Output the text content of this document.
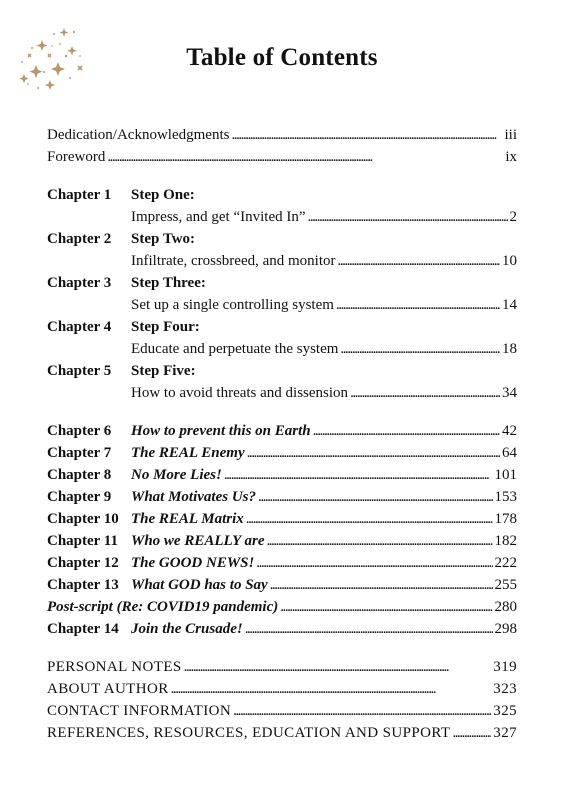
Table of Contents
Dedication/Acknowledgments . . .	iii
Foreword . . .	ix
Chapter 1 Step One:
Impress, and get “Invited In” . . .	2
Chapter 2 Step Two:
Infiltrate, crossbreed, and monitor . . .	10
Chapter 3 Step Three:
Set up a single controlling system . . .	14
Chapter 4 Step Four:
Educate and perpetuate the system . . .	18
Chapter 5 Step Five:
How to avoid threats and dissension . . .	34
Chapter 6 How to prevent this on Earth . . .	42
Chapter 7 The REAL Enemy . . .	64
Chapter 8 No More Lies! . . .	101
Chapter 9 What Motivates Us? . . .	153
Chapter 10 The REAL Matrix . . .	178
Chapter 11 Who we REALLY are . . .	182
Chapter 12 The GOOD NEWS! . . .	222
Chapter 13 What GOD has to Say . . .	255
Post-script (Re: COVID19 pandemic) . . .	280
Chapter 14 Join the Crusade! . . .	298
PERSONAL NOTES . . .	319
ABOUT AUTHOR . . .	323
CONTACT INFORMATION . . .	325
REFERENCES, RESOURCES, EDUCATION AND SUPPORT . . .	327
